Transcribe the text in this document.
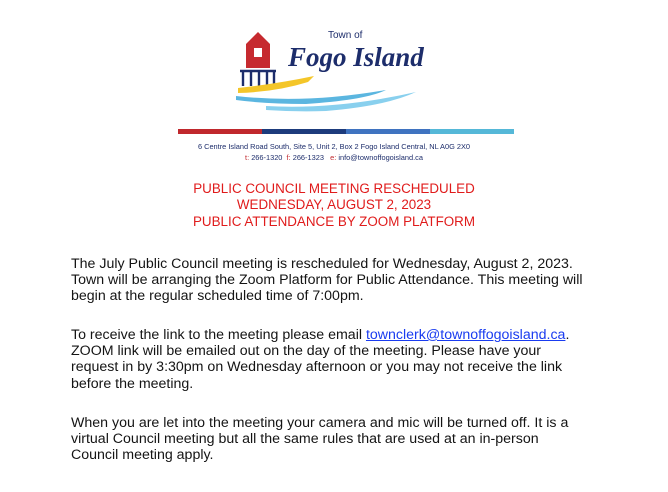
Town of
Fogo Island
6 Centre Island Road South, Site 5, Unit 2, Box 2 Fogo Island Central, NL A0G 2X0
t: 266-1320 f: 266-1323 e: info@townoffogoisland.ca
PUBLIC COUNCIL MEETING RESCHEDULED
WEDNESDAY, AUGUST 2, 2023
PUBLIC ATTENDANCE BY ZOOM PLATFORM
The July Public Council meeting is rescheduled for Wednesday, August 2, 2023.
Town will be arranging the Zoom Platform for Public Attendance. This meeting will
begin at the regular scheduled time of 7:00pm.
To receive the link to the meeting please email townclerk@townoffogoisland.ca.
ZOOM link will be emailed out on the day of the meeting. Please have your
request in by 3:30pm on Wednesday afternoon or you may not receive the link
before the meeting.
When you are let into the meeting your camera and mic will be turned off. It is a
virtual Council meeting but all the same rules that are used at an in-person
Council meeting apply.
